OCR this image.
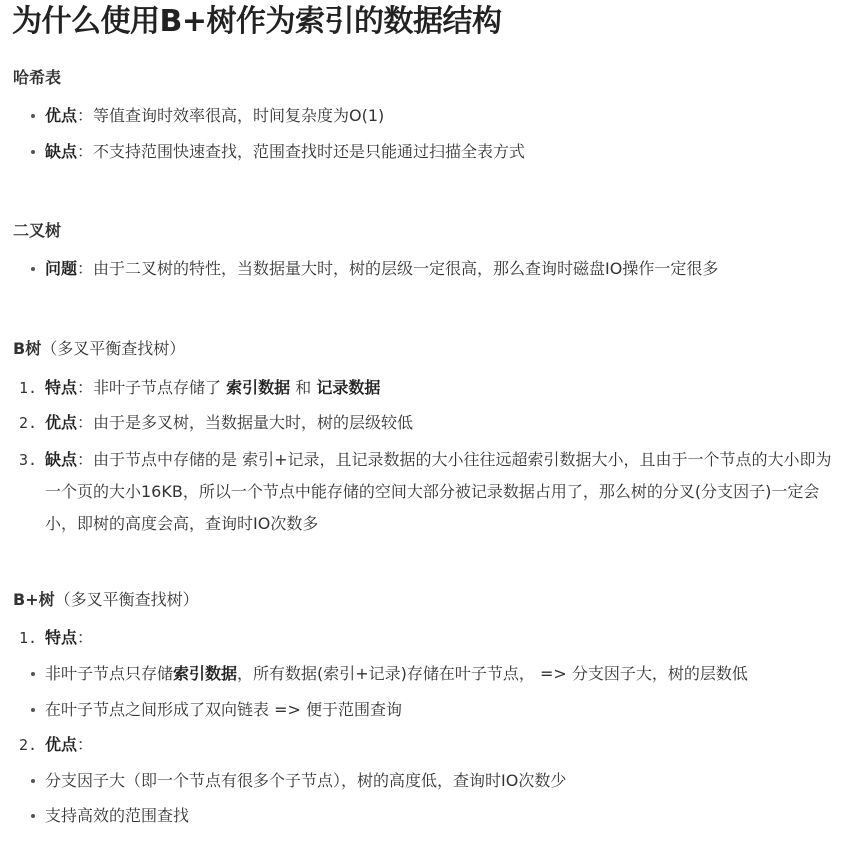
为什么使用B+树作为索引的数据结构
哈希表
优点：等值查询时效率很高，时间复杂度为O(1)
缺点：不支持范围快速查找，范围查找时还是只能通过扫描全表方式
二叉树
问题：由于二叉树的特性，当数据量大时，树的层级一定很高，那么查询时磁盘IO操作一定很多
B树（多叉平衡查找树）
1. 特点：非叶子节点存储了 索引数据 和 记录数据
2. 优点：由于是多叉树，当数据量大时，树的层级较低
3. 缺点：由于节点中存储的是 索引+记录，且记录数据的大小往往远超索引数据大小，且由于一个节点的大小即为一个页的大小16KB，所以一个节点中能存储的空间大部分被记录数据占用了，那么树的分叉(分支因子)一定会小，即树的高度会高，查询时IO次数多
B+树（多叉平衡查找树）
1. 特点：
非叶子节点只存储索引数据，所有数据(索引+记录)存储在叶子节点， => 分支因子大，树的层数低
在叶子节点之间形成了双向链表 => 便于范围查询
2. 优点：
分支因子大（即一个节点有很多个子节点），树的高度低，查询时IO次数少
支持高效的范围查找
